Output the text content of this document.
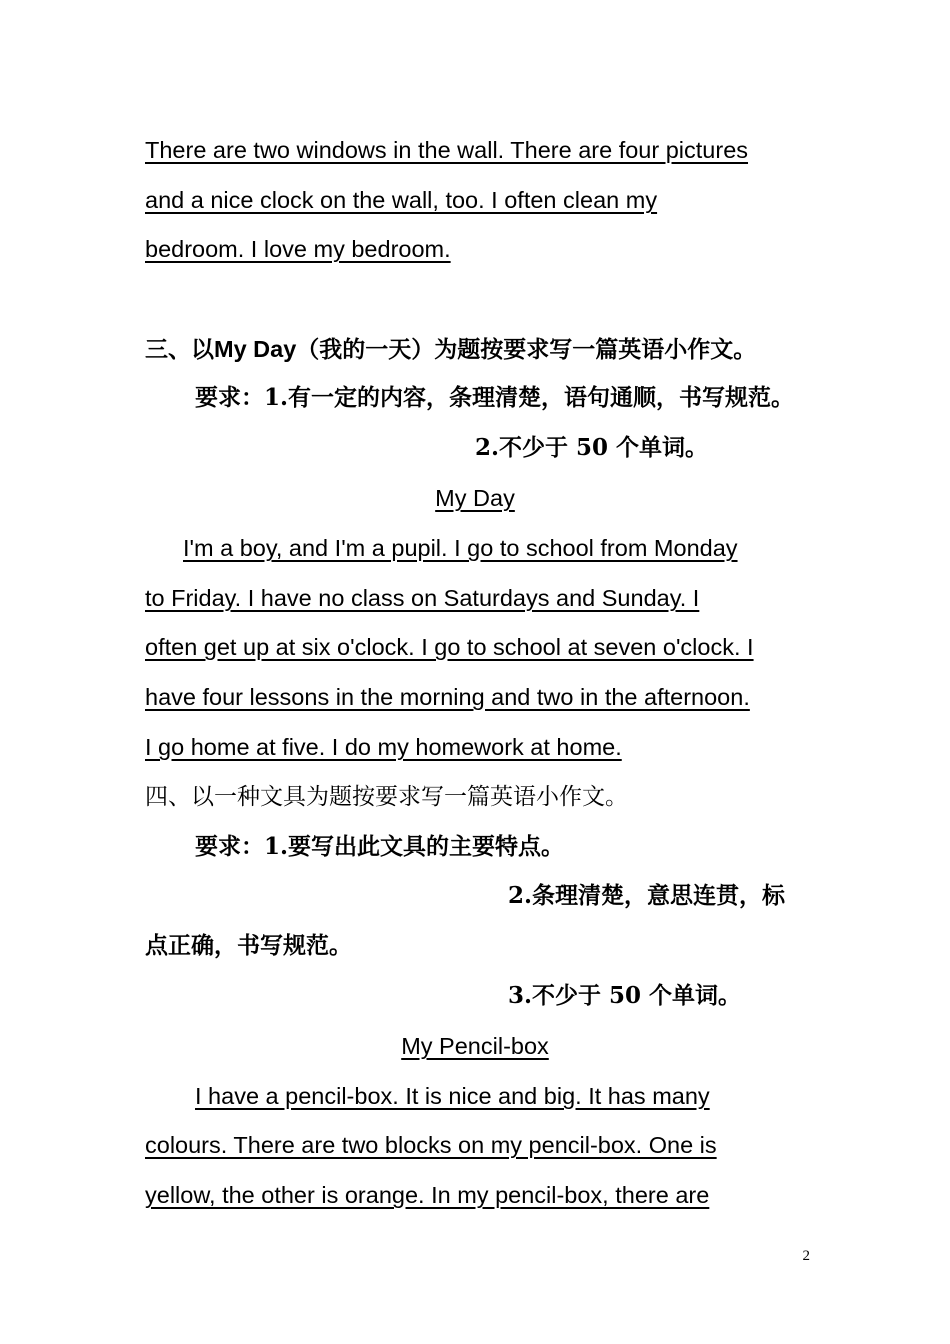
There are two windows in the wall. There are four pictures
and a nice clock on the wall, too. I often clean my
bedroom. I love my bedroom.
三、以My Day（我的一天）为题按要求写一篇英语小作文。
要求：1.有一定的内容，条理清楚，语句通顺，书写规范。
2.不少于 50 个单词。
My Day
I'm a boy, and I'm a pupil. I go to school from Monday
to Friday. I have no class on Saturdays and Sunday. I
often get up at six o'clock. I go to school at seven o'clock. I
have four lessons in the morning and two in the afternoon.
I go home at five. I do my homework at home.
四、以一种文具为题按要求写一篇英语小作文。
要求：1.要写出此文具的主要特点。
2.条理清楚，意思连贯，标
点正确，书写规范。
3.不少于 50 个单词。
My Pencil-box
I have a pencil-box. It is nice and big. It has many
colours. There are two blocks on my pencil-box. One is
yellow, the other is orange. In my pencil-box, there are
2
